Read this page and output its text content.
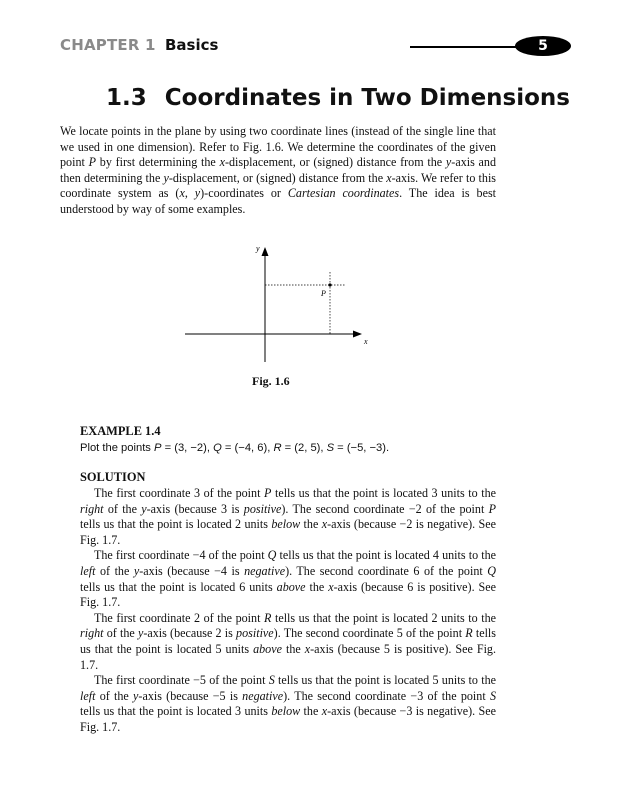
CHAPTER 1 Basics	5
1.3 Coordinates in Two Dimensions
We locate points in the plane by using two coordinate lines (instead of the single line that we used in one dimension). Refer to Fig. 1.6. We determine the coordinates of the given point P by first determining the x-displacement, or (signed) distance from the y-axis and then determining the y-displacement, or (signed) distance from the x-axis. We refer to this coordinate system as (x, y)-coordinates or Cartesian coordinates. The idea is best understood by way of some examples.
y
x
P
Fig. 1.6
EXAMPLE 1.4
Plot the points P = (3, −2), Q = (−4, 6), R = (2, 5), S = (−5, −3).
SOLUTION

The first coordinate 3 of the point P tells us that the point is located 3 units to the right of the y-axis (because 3 is positive). The second coordinate −2 of the point P tells us that the point is located 2 units below the x-axis (because −2 is negative). See Fig. 1.7.

The first coordinate −4 of the point Q tells us that the point is located 4 units to the left of the y-axis (because −4 is negative). The second coordinate 6 of the point Q tells us that the point is located 6 units above the x-axis (because 6 is positive). See Fig. 1.7.

The first coordinate 2 of the point R tells us that the point is located 2 units to the right of the y-axis (because 2 is positive). The second coordinate 5 of the point R tells us that the point is located 5 units above the x-axis (because 5 is positive). See Fig. 1.7.

The first coordinate −5 of the point S tells us that the point is located 5 units to the left of the y-axis (because −5 is negative). The second coordinate −3 of the point S tells us that the point is located 3 units below the x-axis (because −3 is negative). See Fig. 1.7.
